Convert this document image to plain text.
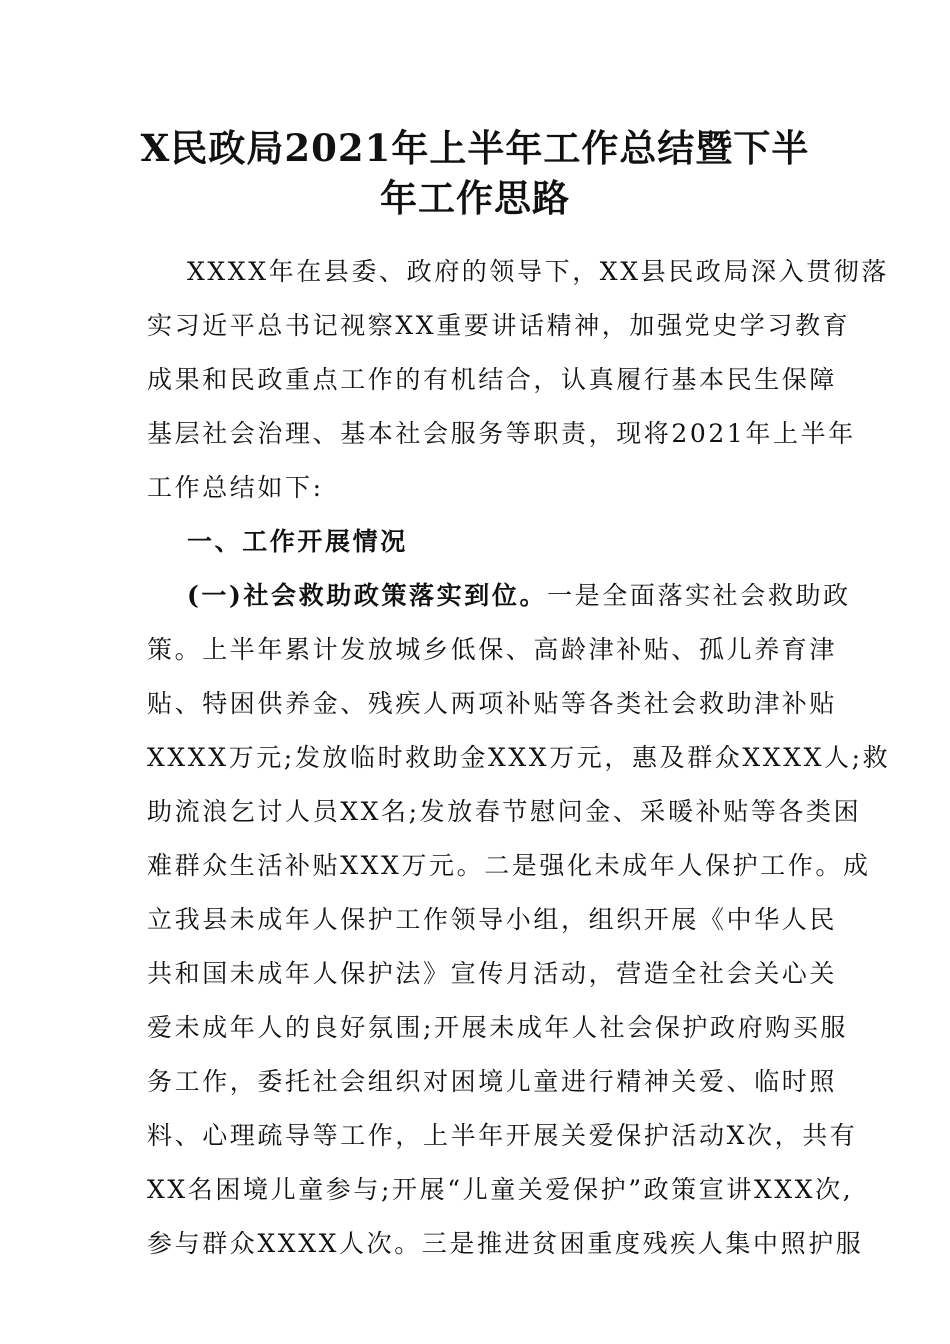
X民政局2021年上半年工作总结暨下半
年工作思路
XXXX年在县委、政府的领导下，XX县民政局深入贯彻落
实习近平总书记视察XX重要讲话精神，加强党史学习教育
成果和民政重点工作的有机结合，认真履行基本民生保障
基层社会治理、基本社会服务等职责，现将2021年上半年
工作总结如下:
一、工作开展情况
(一)社会救助政策落实到位。一是全面落实社会救助政
策。上半年累计发放城乡低保、高龄津补贴、孤儿养育津
贴、特困供养金、残疾人两项补贴等各类社会救助津补贴
XXXX万元;发放临时救助金XXX万元，惠及群众XXXX人;救
助流浪乞讨人员XX名;发放春节慰问金、采暖补贴等各类困
难群众生活补贴XXX万元。二是强化未成年人保护工作。成
立我县未成年人保护工作领导小组，组织开展《中华人民
共和国未成年人保护法》宣传月活动，营造全社会关心关
爱未成年人的良好氛围;开展未成年人社会保护政府购买服
务工作，委托社会组织对困境儿童进行精神关爱、临时照
料、心理疏导等工作，上半年开展关爱保护活动X次，共有
XX名困境儿童参与;开展“儿童关爱保护”政策宣讲XXX次,
参与群众XXXX人次。三是推进贫困重度残疾人集中照护服
